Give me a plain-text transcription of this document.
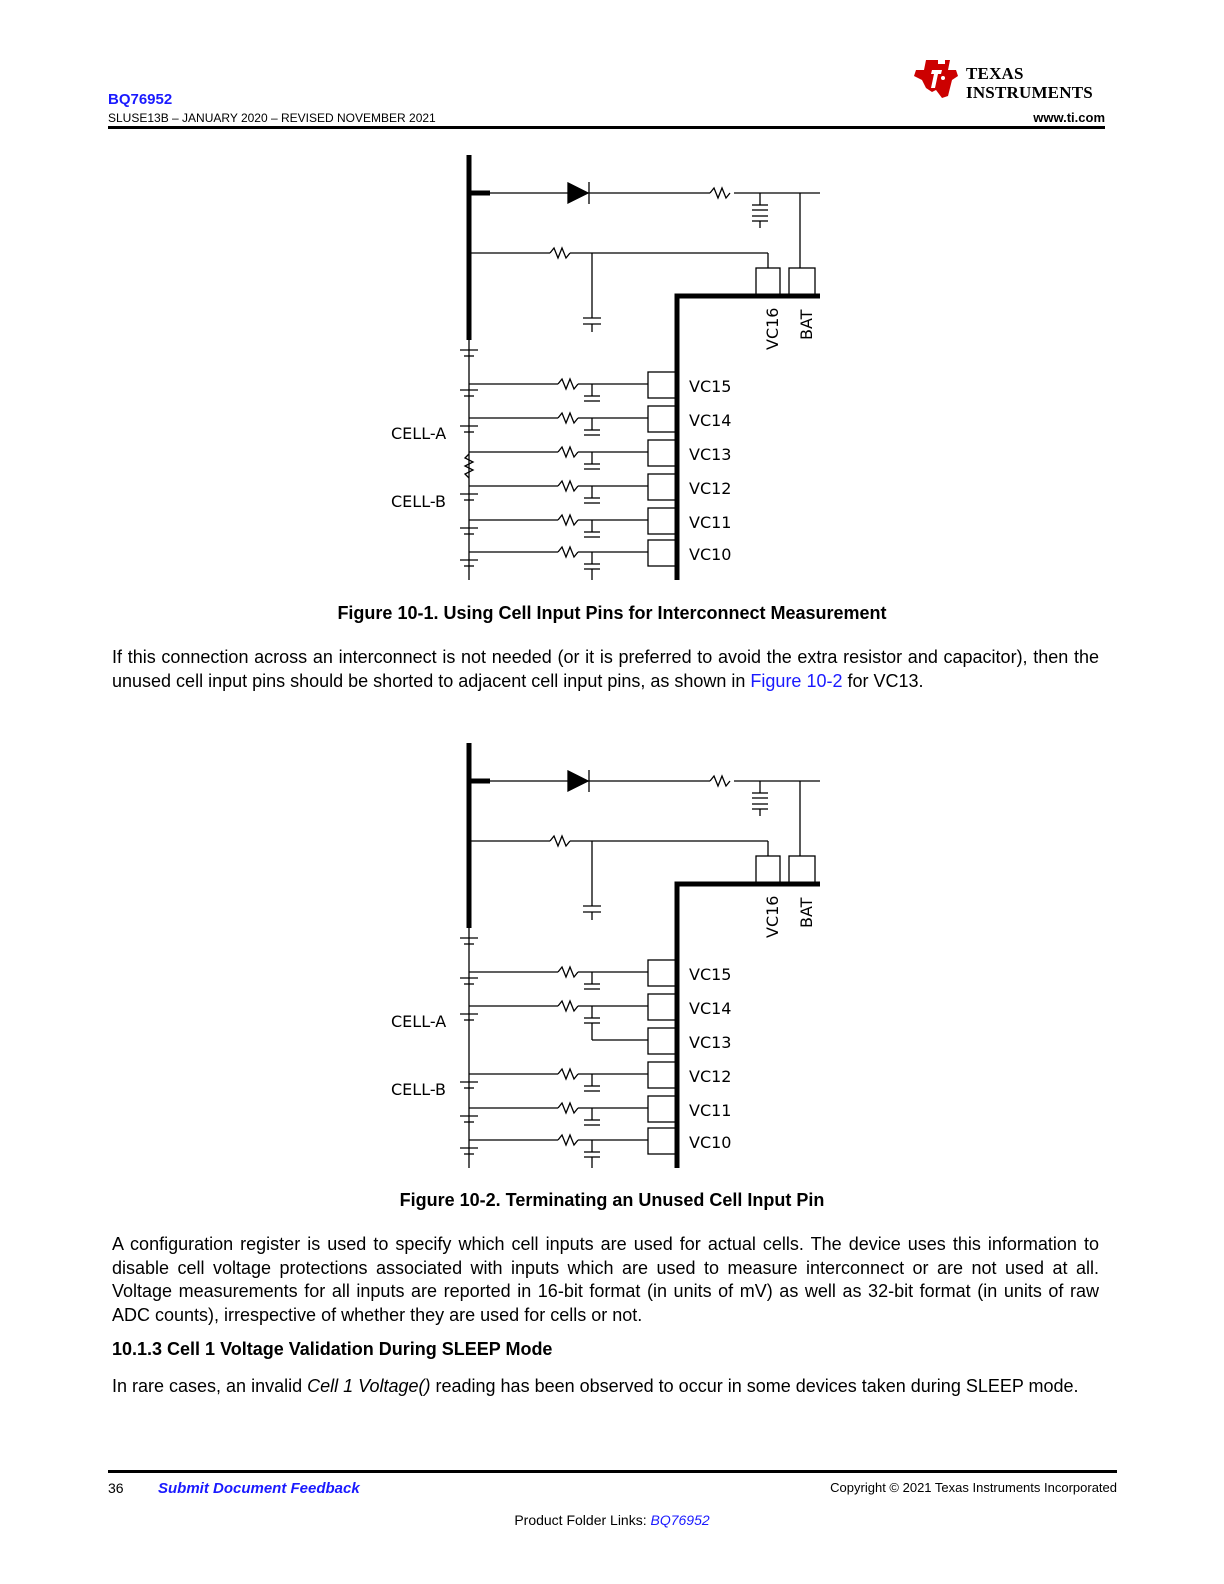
BQ76952
SLUSE13B – JANUARY 2020 – REVISED NOVEMBER 2021
TEXAS
INSTRUMENTS
www.ti.com
VC15
VC14
VC13
VC12
VC11
VC10
VC16 BAT
CELL-A
CELL-B
Figure 10-1. Using Cell Input Pins for Interconnect Measurement
If this connection across an interconnect is not needed (or it is preferred to avoid the extra resistor and capacitor), then the unused cell input pins should be shorted to adjacent cell input pins, as shown in Figure 10-2 for VC13.
VC15
VC14
VC13
VC12
VC11
VC10
VC16 BAT
CELL-A
CELL-B
Figure 10-2. Terminating an Unused Cell Input Pin
A configuration register is used to specify which cell inputs are used for actual cells. The device uses this information to disable cell voltage protections associated with inputs which are used to measure interconnect or are not used at all. Voltage measurements for all inputs are reported in 16-bit format (in units of mV) as well as 32-bit format (in units of raw ADC counts), irrespective of whether they are used for cells or not.
10.1.3 Cell 1 Voltage Validation During SLEEP Mode
In rare cases, an invalid Cell 1 Voltage() reading has been observed to occur in some devices taken during SLEEP mode.
36 Submit Document Feedback	Copyright © 2021 Texas Instruments Incorporated
Product Folder Links: BQ76952
